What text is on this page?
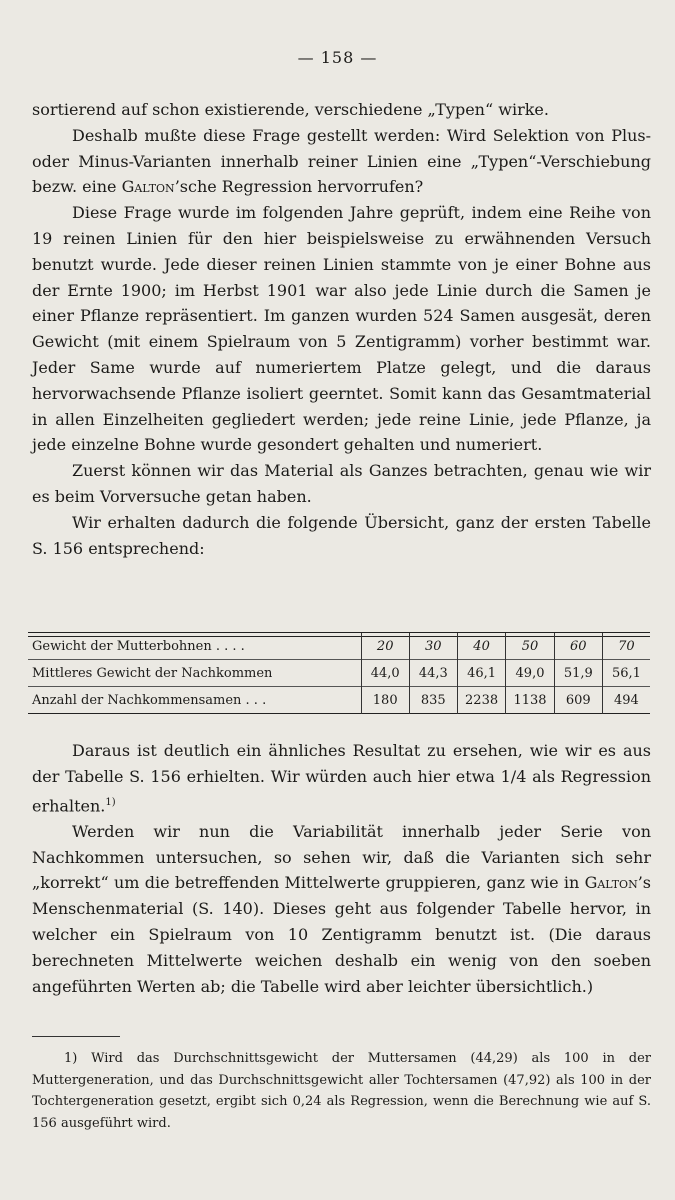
— 158 —

sortierend auf schon existierende, verschiedene „Typen“ wirke.

Deshalb mußte diese Frage gestellt werden: Wird Selektion von Plus- oder Minus-Varianten innerhalb reiner Linien eine „Typen“-Verschiebung bezw. eine Galton’sche Regression hervorrufen?

Diese Frage wurde im folgenden Jahre geprüft, indem eine Reihe von 19 reinen Linien für den hier beispielsweise zu erwähnenden Versuch benutzt wurde. Jede dieser reinen Linien stammte von je einer Bohne aus der Ernte 1900; im Herbst 1901 war also jede Linie durch die Samen je einer Pflanze repräsentiert. Im ganzen wurden 524 Samen ausgesät, deren Gewicht (mit einem Spielraum von 5 Zentigramm) vorher bestimmt war. Jeder Same wurde auf numeriertem Platze gelegt, und die daraus hervorwachsende Pflanze isoliert geerntet. Somit kann das Gesamtmaterial in allen Einzelheiten gegliedert werden; jede reine Linie, jede Pflanze, ja jede einzelne Bohne wurde gesondert gehalten und numeriert.

Zuerst können wir das Material als Ganzes betrachten, genau wie wir es beim Vorversuche getan haben.

Wir erhalten dadurch die folgende Übersicht, ganz der ersten Tabelle S. 156 entsprechend:

Gewicht der Mutterbohnen . . . .	20	30	40	50	60	70
Mittleres Gewicht der Nachkommen	44,0	44,3	46,1	49,0	51,9	56,1
Anzahl der Nachkommensamen . . .	180	835	2238	1138	609	494

Daraus ist deutlich ein ähnliches Resultat zu ersehen, wie wir es aus der Tabelle S. 156 erhielten. Wir würden auch hier etwa 1/4 als Regression erhalten.$^{1)}$

Werden wir nun die Variabilität innerhalb jeder Serie von Nachkommen untersuchen, so sehen wir, daß die Varianten sich sehr „korrekt“ um die betreffenden Mittelwerte gruppieren, ganz wie in Galton’s Menschenmaterial (S. 140). Dieses geht aus folgender Tabelle hervor, in welcher ein Spielraum von 10 Zentigramm benutzt ist. (Die daraus berechneten Mittelwerte weichen deshalb ein wenig von den soeben angeführten Werten ab; die Tabelle wird aber leichter übersichtlich.)

1) Wird das Durchschnittsgewicht der Muttersamen (44,29) als 100 in der Muttergeneration, und das Durchschnittsgewicht aller Tochtersamen (47,92) als 100 in der Tochtergeneration gesetzt, ergibt sich 0,24 als Regression, wenn die Berechnung wie auf S. 156 ausgeführt wird.
